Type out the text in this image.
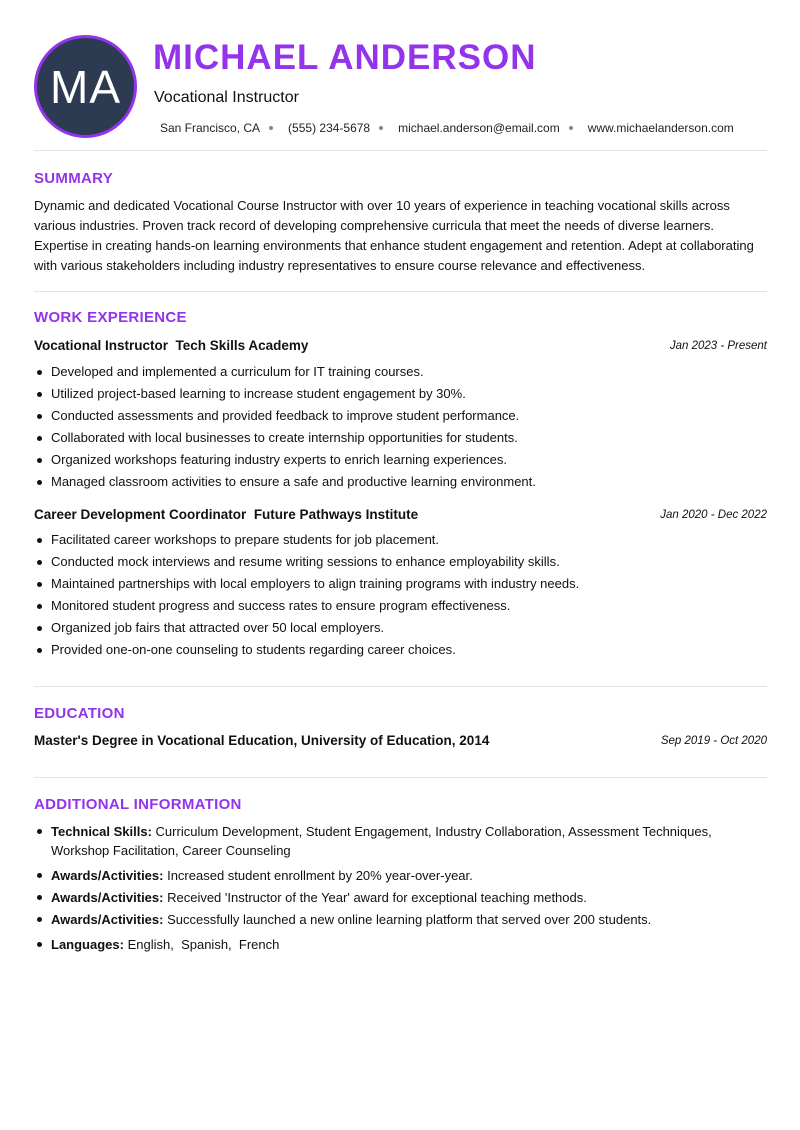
MA
MICHAEL ANDERSON
Vocational Instructor
San Francisco, CA (555) 234-5678 michael.anderson@email.com www.michaelanderson.com
SUMMARY
Dynamic and dedicated Vocational Course Instructor with over 10 years of experience in teaching vocational skills across various industries. Proven track record of developing comprehensive curricula that meet the needs of diverse learners. Expertise in creating hands-on learning environments that enhance student engagement and retention. Adept at collaborating with various stakeholders including industry representatives to ensure course relevance and effectiveness.
WORK EXPERIENCE
Vocational Instructor Tech Skills Academy	Jan 2023 - Present
Developed and implemented a curriculum for IT training courses.
Utilized project-based learning to increase student engagement by 30%.
Conducted assessments and provided feedback to improve student performance.
Collaborated with local businesses to create internship opportunities for students.
Organized workshops featuring industry experts to enrich learning experiences.
Managed classroom activities to ensure a safe and productive learning environment.
Career Development Coordinator Future Pathways Institute	Jan 2020 - Dec 2022
Facilitated career workshops to prepare students for job placement.
Conducted mock interviews and resume writing sessions to enhance employability skills.
Maintained partnerships with local employers to align training programs with industry needs.
Monitored student progress and success rates to ensure program effectiveness.
Organized job fairs that attracted over 50 local employers.
Provided one-on-one counseling to students regarding career choices.
EDUCATION
Master's Degree in Vocational Education, University of Education, 2014	Sep 2019 - Oct 2020
ADDITIONAL INFORMATION
Technical Skills: Curriculum Development, Student Engagement, Industry Collaboration, Assessment Techniques, Workshop Facilitation, Career Counseling
Awards/Activities: Increased student enrollment by 20% year-over-year.
Awards/Activities: Received 'Instructor of the Year' award for exceptional teaching methods.
Awards/Activities: Successfully launched a new online learning platform that served over 200 students.
Languages: English,  Spanish,  French
